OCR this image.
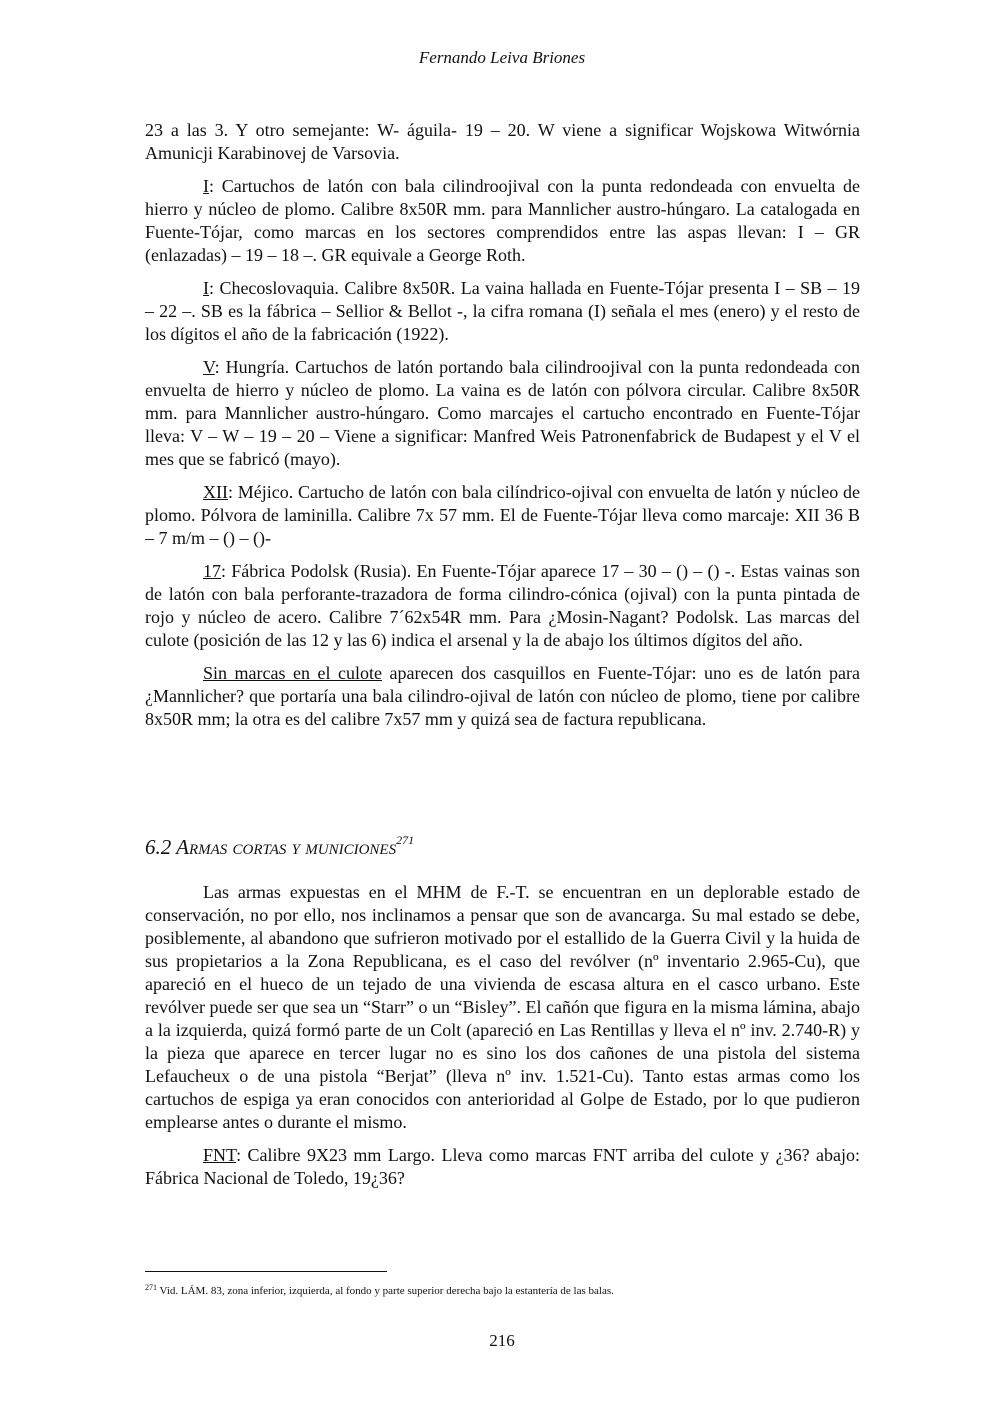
Fernando Leiva Briones

23 a las 3. Y otro semejante: W- águila- 19 – 20. W viene a significar Wojskowa Witwórnia Amunicji Karabinovej de Varsovia.

I: Cartuchos de latón con bala cilindroojival con la punta redondeada con envuelta de hierro y núcleo de plomo. Calibre 8x50R mm. para Mannlicher austro-húngaro. La catalogada en Fuente-Tójar, como marcas en los sectores comprendidos entre las aspas llevan: I – GR (enlazadas) – 19 – 18 –. GR equivale a George Roth.

I: Checoslovaquia. Calibre 8x50R. La vaina hallada en Fuente-Tójar presenta I – SB – 19 – 22 –. SB es la fábrica – Sellior & Bellot -, la cifra romana (I) señala el mes (enero) y el resto de los dígitos el año de la fabricación (1922).

V: Hungría. Cartuchos de latón portando bala cilindroojival con la punta redondeada con envuelta de hierro y núcleo de plomo. La vaina es de latón con pólvora circular. Calibre 8x50R mm. para Mannlicher austro-húngaro. Como marcajes el cartucho encontrado en Fuente-Tójar lleva: V – W – 19 – 20 – Viene a significar: Manfred Weis Patronenfabrick de Budapest y el V el mes que se fabricó (mayo).

XII: Méjico. Cartucho de latón con bala cilíndrico-ojival con envuelta de latón y núcleo de plomo. Pólvora de laminilla. Calibre 7x 57 mm. El de Fuente-Tójar lleva como marcaje: XII 36 B – 7 m/m – () – ()-

17: Fábrica Podolsk (Rusia). En Fuente-Tójar aparece 17 – 30 – () – () -. Estas vainas son de latón con bala perforante-trazadora de forma cilindro-cónica (ojival) con la punta pintada de rojo y núcleo de acero. Calibre 7´62x54R mm. Para ¿Mosin-Nagant? Podolsk. Las marcas del culote (posición de las 12 y las 6) indica el arsenal y la de abajo los últimos dígitos del año.

Sin marcas en el culote aparecen dos casquillos en Fuente-Tójar: uno es de latón para ¿Mannlicher? que portaría una bala cilindro-ojival de latón con núcleo de plomo, tiene por calibre 8x50R mm; la otra es del calibre 7x57 mm y quizá sea de factura republicana.

6.2 Armas cortas y municiones$^{271}$

Las armas expuestas en el MHM de F.-T. se encuentran en un deplorable estado de conservación, no por ello, nos inclinamos a pensar que son de avancarga. Su mal estado se debe, posiblemente, al abandono que sufrieron motivado por el estallido de la Guerra Civil y la huida de sus propietarios a la Zona Republicana, es el caso del revólver (nº inventario 2.965-Cu), que apareció en el hueco de un tejado de una vivienda de escasa altura en el casco urbano. Este revólver puede ser que sea un “Starr” o un “Bisley”. El cañón que figura en la misma lámina, abajo a la izquierda, quizá formó parte de un Colt (apareció en Las Rentillas y lleva el nº inv. 2.740-R) y la pieza que aparece en tercer lugar no es sino los dos cañones de una pistola del sistema Lefaucheux o de una pistola “Berjat” (lleva nº inv. 1.521-Cu). Tanto estas armas como los cartuchos de espiga ya eran conocidos con anterioridad al Golpe de Estado, por lo que pudieron emplearse antes o durante el mismo.

FNT: Calibre 9X23 mm Largo. Lleva como marcas FNT arriba del culote y ¿36? abajo: Fábrica Nacional de Toledo, 19¿36?

$^{271}$ Vid. LÁM. 83, zona inferior, izquierda, al fondo y parte superior derecha bajo la estantería de las balas.
216
